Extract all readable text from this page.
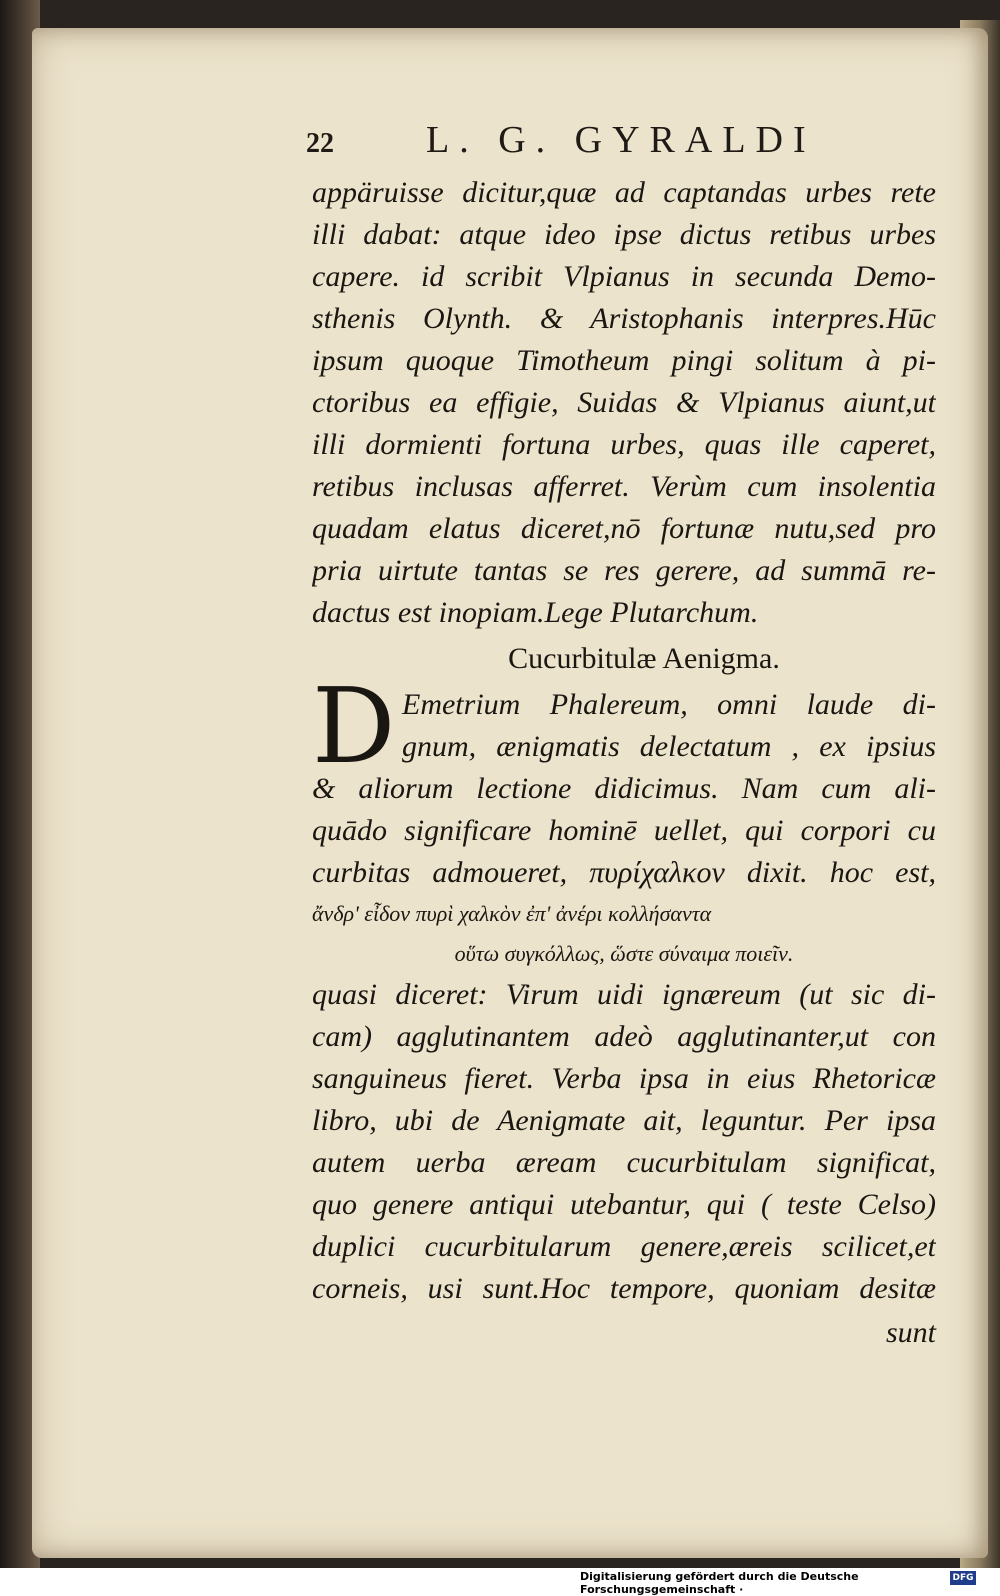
22 L. G. GYRALDI
appäruisse dicitur,quæ ad captandas urbes rete
illi dabat: atque ideo ipse dictus retibus urbes
capere. id scribit Vlpianus in secunda Demo-
sthenis Olynth. & Aristophanis interpres.Hūc
ipsum quoque Timotheum pingi solitum à pi-
ctoribus ea effigie, Suidas & Vlpianus aiunt,ut
illi dormienti fortuna urbes, quas ille caperet,
retibus inclusas afferret. Verùm cum insolentia
quadam elatus diceret,nō fortunæ nutu,sed pro
pria uirtute tantas se res gerere, ad summā re-
dactus est inopiam.Lege Plutarchum.
Cucurbitulæ Aenigma.
D Emetrium Phalereum, omni laude di-
gnum, ænigmatis delectatum , ex ipsius
& aliorum lectione didicimus. Nam cum ali-
quādo significare hominē uellet, qui corpori cu
curbitas admoueret, πυρίχαλκον dixit. hoc est,
ἄνδρ' εἶδον πυρὶ χαλκὸν ἐπ' ἀνέρι κολλήσαντα
οὕτω συγκόλλως, ὥστε σύναιμα ποιεῖν.
quasi diceret: Virum uidi ignæreum (ut sic di-
cam) agglutinantem adeò agglutinanter,ut con
sanguineus fieret. Verba ipsa in eius Rhetoricæ
libro, ubi de Aenigmate ait, leguntur. Per ipsa
autem uerba æream cucurbitulam significat,
quo genere antiqui utebantur, qui ( teste Celso)
duplici cucurbitularum genere,æreis scilicet,et
corneis, usi sunt.Hoc tempore, quoniam desitæ
sunt
Digitalisierung gefördert durch die Deutsche Forschungsgemeinschaft ·
DFG
